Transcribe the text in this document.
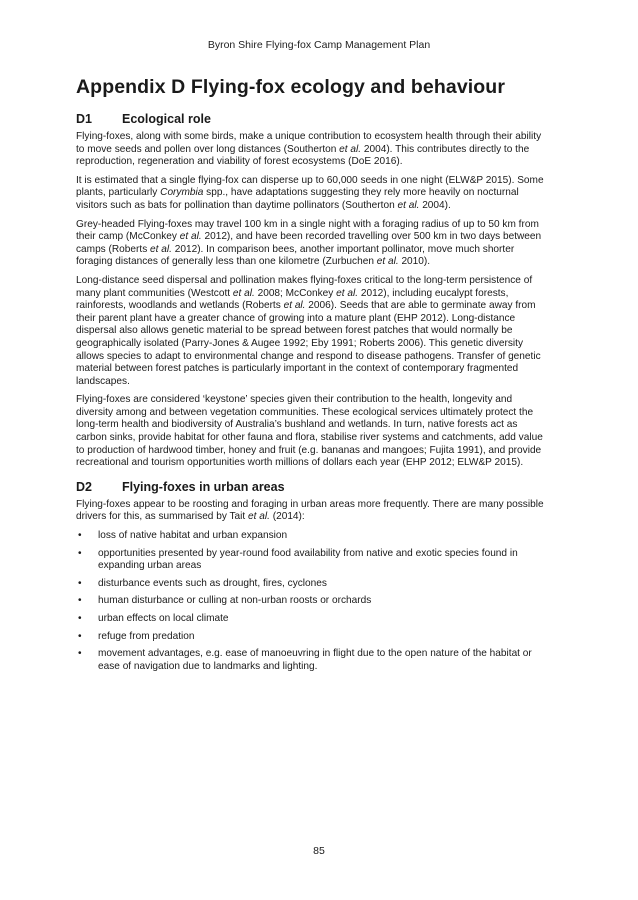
Byron Shire Flying-fox Camp Management Plan
Appendix D Flying-fox ecology and behaviour
D1 Ecological role

Flying-foxes, along with some birds, make a unique contribution to ecosystem health through their ability to move seeds and pollen over long distances (Southerton et al. 2004). This contributes directly to the reproduction, regeneration and viability of forest ecosystems (DoE 2016).

It is estimated that a single flying-fox can disperse up to 60,000 seeds in one night (ELW&P 2015). Some plants, particularly Corymbia spp., have adaptations suggesting they rely more heavily on nocturnal visitors such as bats for pollination than daytime pollinators (Southerton et al. 2004).

Grey-headed Flying-foxes may travel 100 km in a single night with a foraging radius of up to 50 km from their camp (McConkey et al. 2012), and have been recorded travelling over 500 km in two days between camps (Roberts et al. 2012). In comparison bees, another important pollinator, move much shorter foraging distances of generally less than one kilometre (Zurbuchen et al. 2010).

Long-distance seed dispersal and pollination makes flying-foxes critical to the long-term persistence of many plant communities (Westcott et al. 2008; McConkey et al. 2012), including eucalypt forests, rainforests, woodlands and wetlands (Roberts et al. 2006). Seeds that are able to germinate away from their parent plant have a greater chance of growing into a mature plant (EHP 2012). Long-distance dispersal also allows genetic material to be spread between forest patches that would normally be geographically isolated (Parry-Jones & Augee 1992; Eby 1991; Roberts 2006). This genetic diversity allows species to adapt to environmental change and respond to disease pathogens. Transfer of genetic material between forest patches is particularly important in the context of contemporary fragmented landscapes.

Flying-foxes are considered ‘keystone’ species given their contribution to the health, longevity and diversity among and between vegetation communities. These ecological services ultimately protect the long-term health and biodiversity of Australia’s bushland and wetlands. In turn, native forests act as carbon sinks, provide habitat for other fauna and flora, stabilise river systems and catchments, add value to production of hardwood timber, honey and fruit (e.g. bananas and mangoes; Fujita 1991), and provide recreational and tourism opportunities worth millions of dollars each year (EHP 2012; ELW&P 2015).

D2 Flying-foxes in urban areas

Flying-foxes appear to be roosting and foraging in urban areas more frequently. There are many possible drivers for this, as summarised by Tait et al. (2014):

• loss of native habitat and urban expansion
• opportunities presented by year-round food availability from native and exotic species found in expanding urban areas
• disturbance events such as drought, fires, cyclones
• human disturbance or culling at non-urban roosts or orchards
• urban effects on local climate
• refuge from predation
• movement advantages, e.g. ease of manoeuvring in flight due to the open nature of the habitat or ease of navigation due to landmarks and lighting.
85
